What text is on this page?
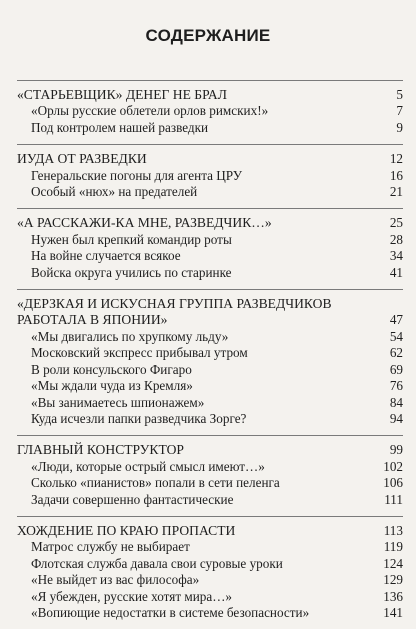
СОДЕРЖАНИЕ
«СТАРЬЕВЩИК» ДЕНЕГ НЕ БРАЛ	5
«Орлы русские облетели орлов римских!»	7
Под контролем нашей разведки	9
ИУДА ОТ РАЗВЕДКИ	12
Генеральские погоны для агента ЦРУ	16
Особый «нюх» на предателей	21
«А РАССКАЖИ-КА МНЕ, РАЗВЕДЧИК…»	25
Нужен был крепкий командир роты	28
На войне случается всякое	34
Войска округа учились по старинке	41
«ДЕРЗКАЯ И ИСКУСНАЯ ГРУППА РАЗВЕДЧИКОВ РАБОТАЛА В ЯПОНИИ»	47
«Мы двигались по хрупкому льду»	54
Московский экспресс прибывал утром	62
В роли консульского Фигаро	69
«Мы ждали чуда из Кремля»	76
«Вы занимаетесь шпионажем»	84
Куда исчезли папки разведчика Зорге?	94
ГЛАВНЫЙ КОНСТРУКТОР	99
«Люди, которые острый смысл имеют…»	102
Сколько «пианистов» попали в сети пеленга	106
Задачи совершенно фантастические	111
ХОЖДЕНИЕ ПО КРАЮ ПРОПАСТИ	113
Матрос службу не выбирает	119
Флотская служба давала свои суровые уроки	124
«Не выйдет из вас философа»	129
«Я убежден, русские хотят мира…»	136
«Вопиющие недостатки в системе безопасности»	141
